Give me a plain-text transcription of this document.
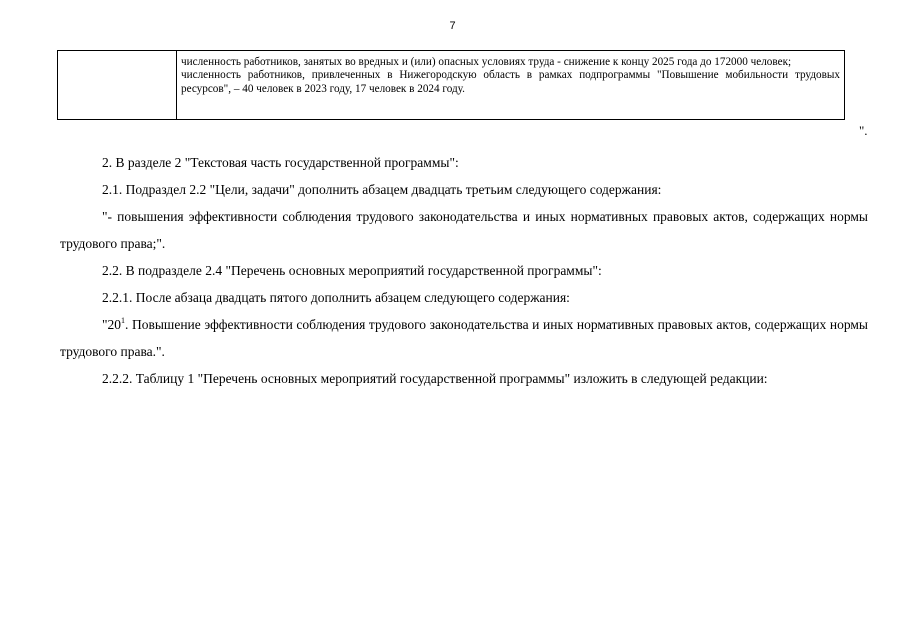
7

численность работников, занятых во вредных и (или) опасных условиях труда - снижение к концу 2025 года до 172000 человек;

численность работников, привлеченных в Нижегородскую область в рамках подпрограммы "Повышение мобильности трудовых ресурсов", – 40 человек в 2023 году, 17 человек в 2024 году.

".

2. В разделе 2 "Текстовая часть государственной программы":

2.1. Подраздел 2.2 "Цели, задачи" дополнить абзацем двадцать третьим следующего содержания:

"- повышения эффективности соблюдения трудового законодательства и иных нормативных правовых актов, содержащих нормы трудового права;".

2.2. В подразделе 2.4 "Перечень основных мероприятий государственной программы":

2.2.1. После абзаца двадцать пятого дополнить абзацем следующего содержания:

"$20^1$. Повышение эффективности соблюдения трудового законодательства и иных нормативных правовых актов, содержащих нормы трудового права.".

2.2.2. Таблицу 1 "Перечень основных мероприятий государственной программы" изложить в следующей редакции:
